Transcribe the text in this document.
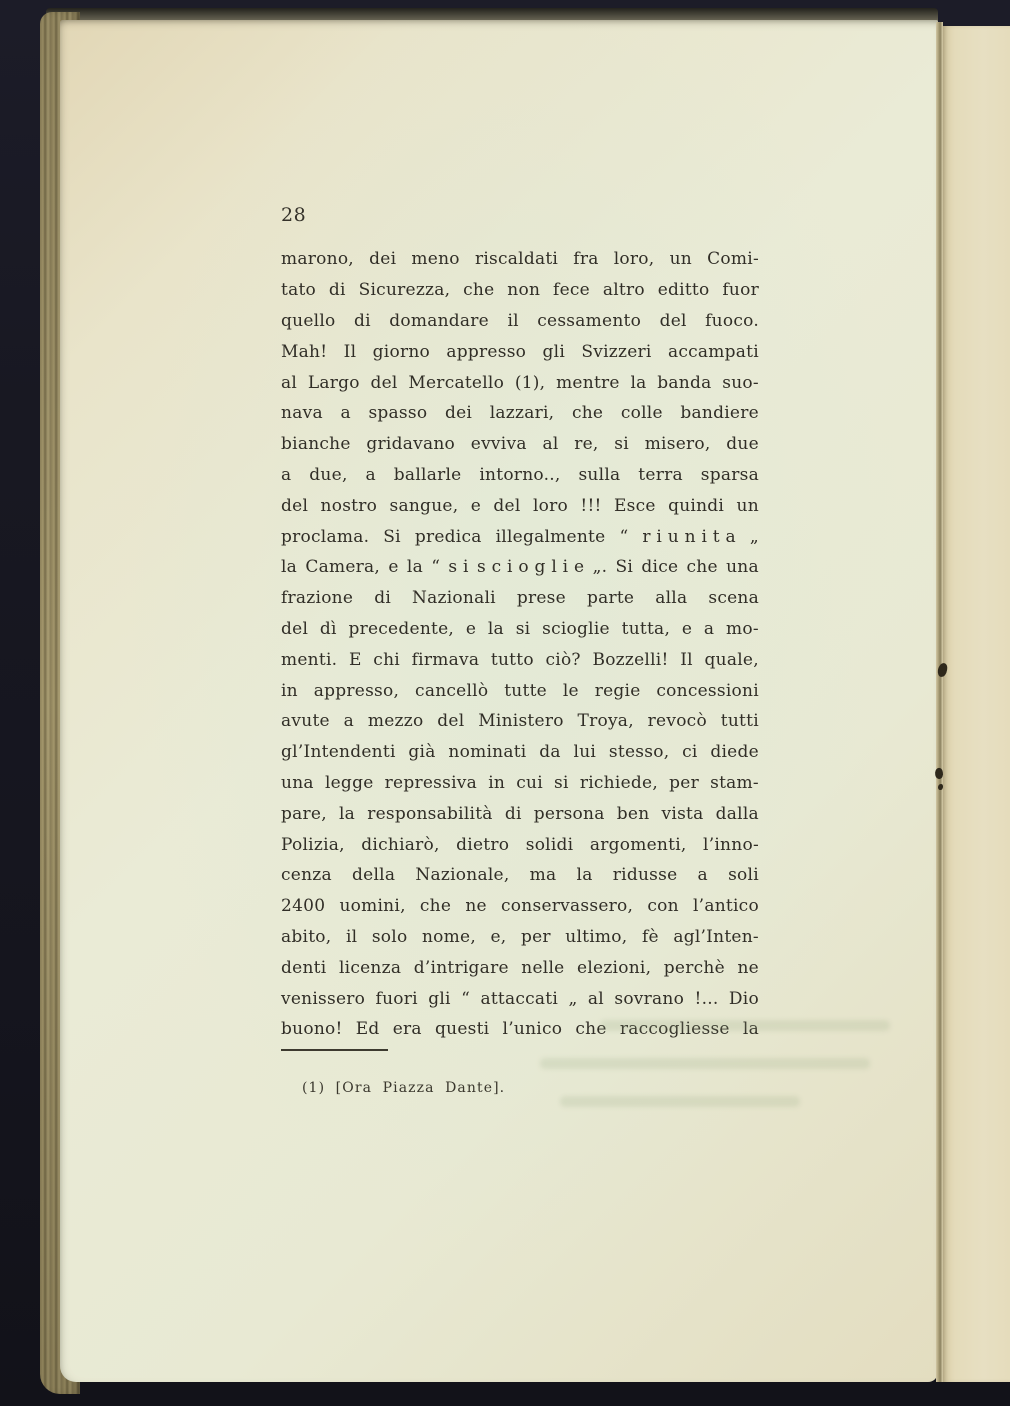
28
marono, dei meno riscaldati fra loro, un Comi-
tato di Sicurezza, che non fece altro editto fuor
quello di domandare il cessamento del fuoco.
Mah! Il giorno appresso gli Svizzeri accampati
al Largo del Mercatello (1), mentre la banda suo-
nava a spasso dei lazzari, che colle bandiere
bianche gridavano evviva al re, si misero, due
a due, a ballarle intorno.., sulla terra sparsa
del nostro sangue, e del loro !!! Esce quindi un
proclama. Si predica illegalmente “ r i u n i t a „
la Camera, e la “ s i s c i o g l i e „. Si dice che una
frazione di Nazionali prese parte alla scena
del dì precedente, e la si scioglie tutta, e a mo-
menti. E chi firmava tutto ciò? Bozzelli! Il quale,
in appresso, cancellò tutte le regie concessioni
avute a mezzo del Ministero Troya, revocò tutti
gl’Intendenti già nominati da lui stesso, ci diede
una legge repressiva in cui si richiede, per stam-
pare, la responsabilità di persona ben vista dalla
Polizia, dichiarò, dietro solidi argomenti, l’inno-
cenza della Nazionale, ma la ridusse a soli
2400 uomini, che ne conservassero, con l’antico
abito, il solo nome, e, per ultimo, fè agl’Inten-
denti licenza d’intrigare nelle elezioni, perchè ne
venissero fuori gli “ attaccati „ al sovrano !... Dio
buono! Ed era questi l’unico che raccogliesse la
(1) [Ora Piazza Dante].
